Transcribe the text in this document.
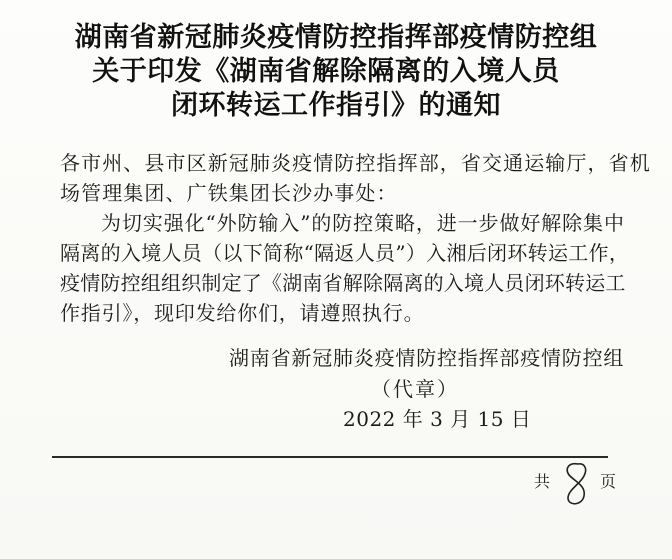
湖南省新冠肺炎疫情防控指挥部疫情防控组
关于印发《湖南省解除隔离的入境人员
闭环转运工作指引》的通知
各市州、县市区新冠肺炎疫情防控指挥部，省交通运输厅，省机
场管理集团、广铁集团长沙办事处：
为切实强化“外防输入”的防控策略，进一步做好解除集中
隔离的入境人员（以下简称“隔返人员”）入湘后闭环转运工作，
疫情防控组组织制定了《湖南省解除隔离的入境人员闭环转运工
作指引》，现印发给你们，请遵照执行。
湖南省新冠肺炎疫情防控指挥部疫情防控组
（代章）
2022 年 3 月 15 日
共	页
